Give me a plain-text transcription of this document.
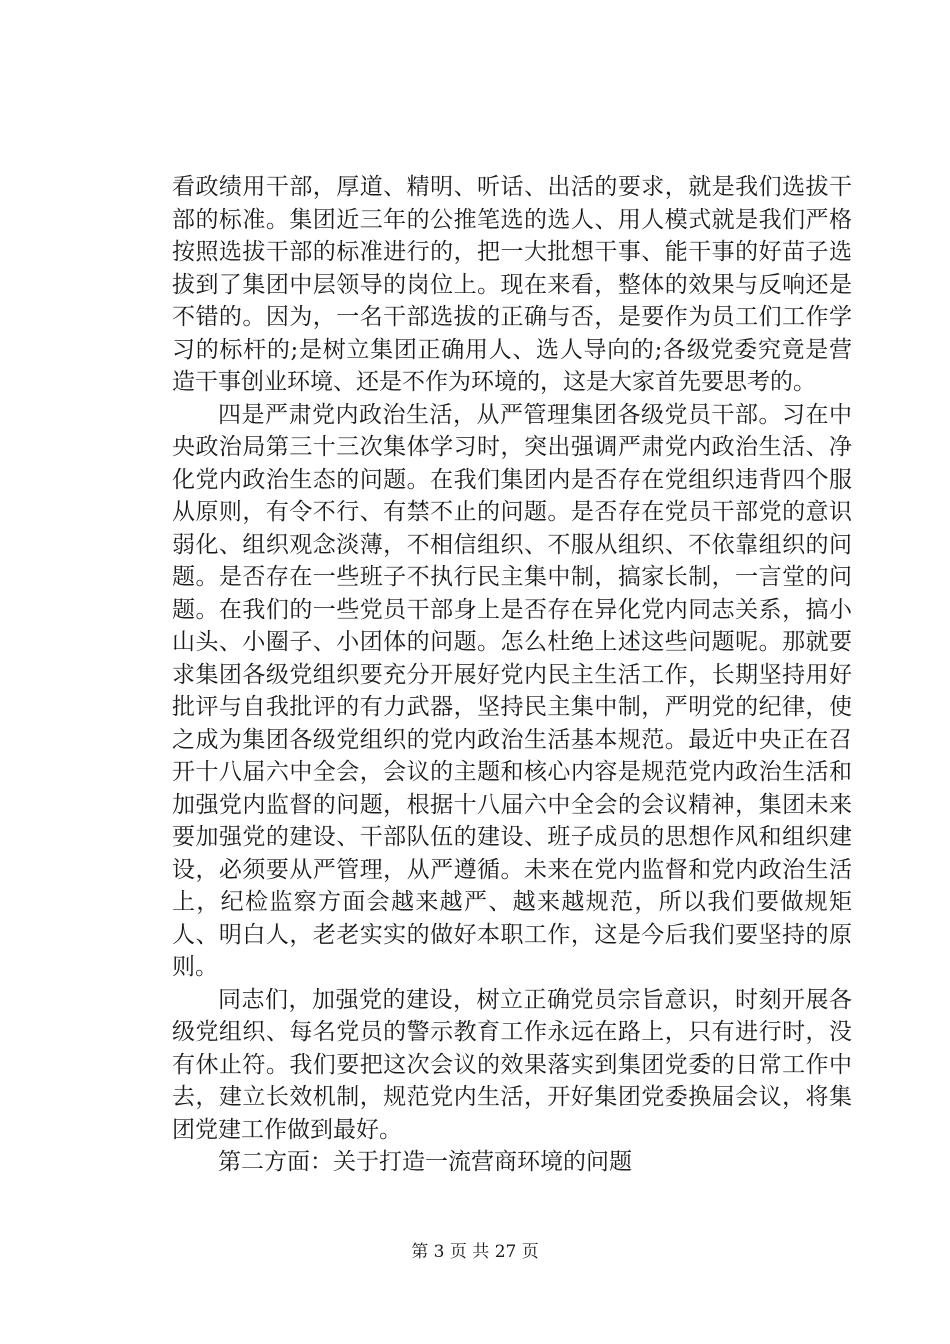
看政绩用干部，厚道、精明、听话、出活的要求，就是我们选拔干部的标准。集团近三年的公推笔选的选人、用人模式就是我们严格按照选拔干部的标准进行的，把一大批想干事、能干事的好苗子选拔到了集团中层领导的岗位上。现在来看，整体的效果与反响还是不错的。因为，一名干部选拔的正确与否，是要作为员工们工作学习的标杆的;是树立集团正确用人、选人导向的;各级党委究竟是营造干事创业环境、还是不作为环境的，这是大家首先要思考的。

四是严肃党内政治生活，从严管理集团各级党员干部。习在中央政治局第三十三次集体学习时，突出强调严肃党内政治生活、净化党内政治生态的问题。在我们集团内是否存在党组织违背四个服从原则，有令不行、有禁不止的问题。是否存在党员干部党的意识弱化、组织观念淡薄，不相信组织、不服从组织、不依靠组织的问题。是否存在一些班子不执行民主集中制，搞家长制，一言堂的问题。在我们的一些党员干部身上是否存在异化党内同志关系，搞小山头、小圈子、小团体的问题。怎么杜绝上述这些问题呢。那就要求集团各级党组织要充分开展好党内民主生活工作，长期坚持用好批评与自我批评的有力武器，坚持民主集中制，严明党的纪律，使之成为集团各级党组织的党内政治生活基本规范。最近中央正在召开十八届六中全会，会议的主题和核心内容是规范党内政治生活和加强党内监督的问题，根据十八届六中全会的会议精神，集团未来要加强党的建设、干部队伍的建设、班子成员的思想作风和组织建设，必须要从严管理，从严遵循。未来在党内监督和党内政治生活上，纪检监察方面会越来越严、越来越规范，所以我们要做规矩人、明白人，老老实实的做好本职工作，这是今后我们要坚持的原则。

同志们，加强党的建设，树立正确党员宗旨意识，时刻开展各级党组织、每名党员的警示教育工作永远在路上，只有进行时，没有休止符。我们要把这次会议的效果落实到集团党委的日常工作中去，建立长效机制，规范党内生活，开好集团党委换届会议，将集团党建工作做到最好。

第二方面：关于打造一流营商环境的问题

第 3 页 共 27 页
